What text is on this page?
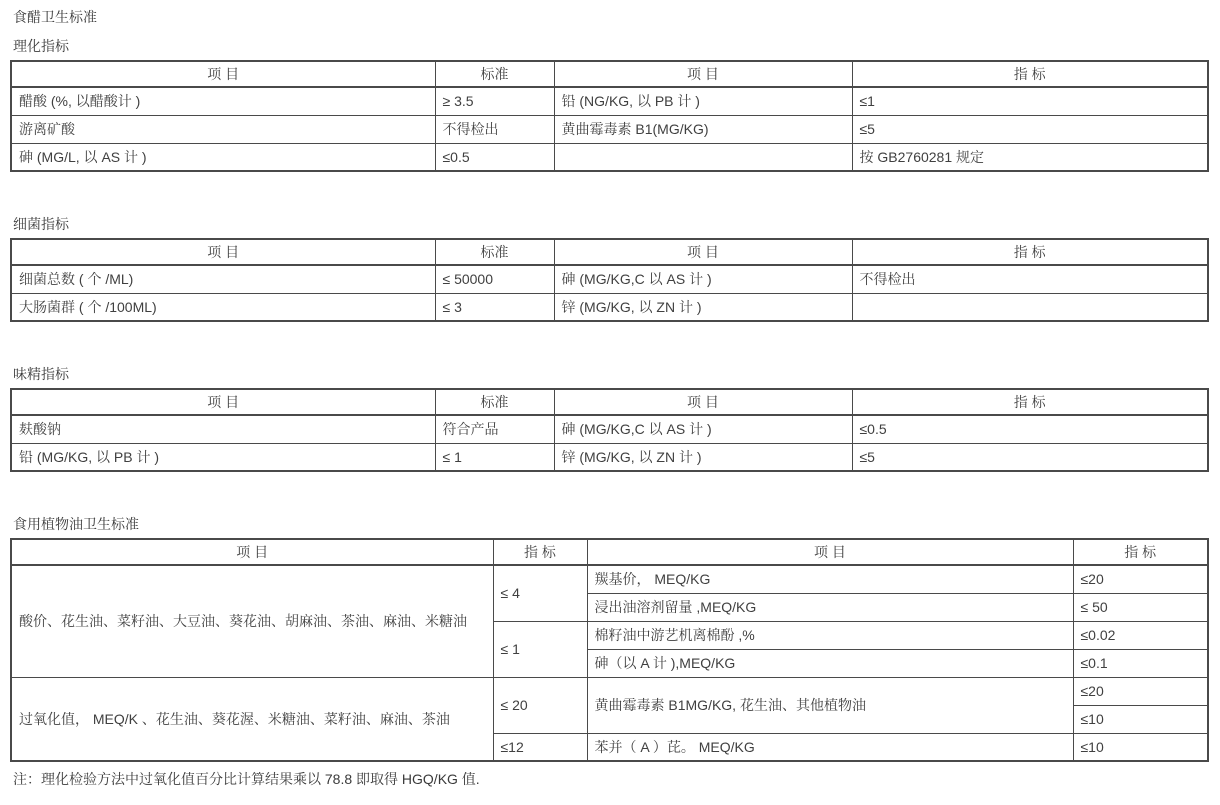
食醋卫生标准
理化指标
项 目	标准	项 目	指 标
醋酸 (%, 以醋酸计 )	≥ 3.5	铅 (NG/KG, 以 PB 计 )	≤1
游离矿酸	不得检出	黄曲霉毒素 B1(MG/KG)	≤5
砷 (MG/L, 以 AS 计 )	≤0.5		按 GB2760281 规定
细菌指标
项 目	标准	项 目	指 标
细菌总数 ( 个 /ML)	≤ 50000	砷 (MG/KG,C 以 AS 计 )	不得检出
大肠菌群 ( 个 /100ML)	≤ 3	锌 (MG/KG, 以 ZN 计 )	
味精指标
项 目	标准	项 目	指 标
麸酸钠	符合产品	砷 (MG/KG,C 以 AS 计 )	≤0.5
铅 (MG/KG, 以 PB 计 )	≤ 1	锌 (MG/KG, 以 ZN 计 )	≤5
食用植物油卫生标准
项 目	指 标	项 目	指 标
酸价、花生油、菜籽油、大豆油、葵花油、胡麻油、茶油、麻油、米糖油	≤ 4	羰基价， MEQ/KG	≤20
		浸出油溶剂留量 ,MEQ/KG	≤ 50
	≤ 1	棉籽油中游艺机离棉酚 ,%	≤0.02
		砷（以 A 计 ),MEQ/KG	≤0.1
过氧化值， MEQ/K 、花生油、葵花渥、米糖油、菜籽油、麻油、茶油	≤ 20	黄曲霉毒素 B1MG/KG, 花生油、其他植物油	≤20
			≤10
	≤12	苯并（ A ）芘。 MEQ/KG	≤10
注：理化检验方法中过氧化值百分比计算结果乘以 78.8 即取得 HGQ/KG 值.
